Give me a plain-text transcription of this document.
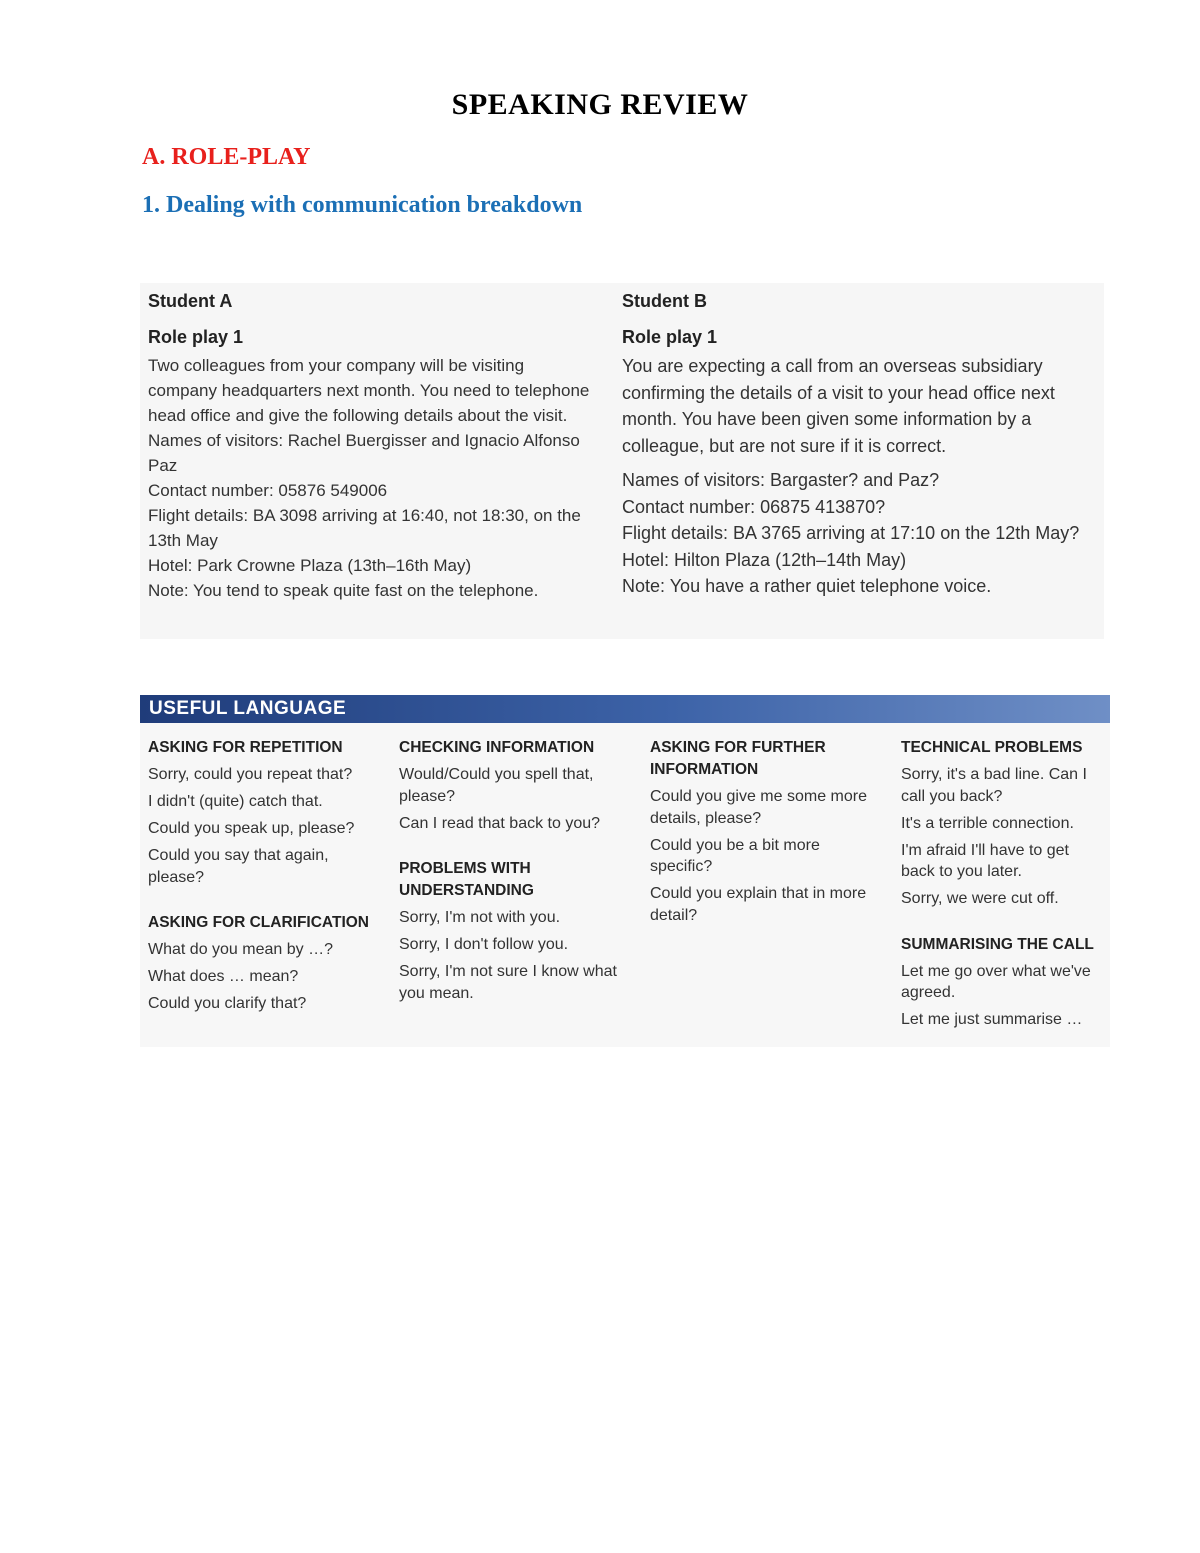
SPEAKING REVIEW
A. ROLE-PLAY
1. Dealing with communication breakdown
Student A
Role play 1

Two colleagues from your company will be visiting company headquarters next month. You need to telephone head office and give the following details about the visit.

Names of visitors: Rachel Buergisser and Ignacio Alfonso Paz
Contact number: 05876 549006
Flight details: BA 3098 arriving at 16:40, not 18:30, on the 13th May
Hotel: Park Crowne Plaza (13th–16th May)
Note: You tend to speak quite fast on the telephone.
Student B
Role play 1

You are expecting a call from an overseas subsidiary confirming the details of a visit to your head office next month. You have been given some information by a colleague, but are not sure if it is correct.

Names of visitors: Bargaster? and Paz?
Contact number: 06875 413870?
Flight details: BA 3765 arriving at 17:10 on the 12th May?
Hotel: Hilton Plaza (12th–14th May)
Note: You have a rather quiet telephone voice.
USEFUL LANGUAGE
ASKING FOR REPETITION
Sorry, could you repeat that?
I didn't (quite) catch that.
Could you speak up, please?
Could you say that again, please?
ASKING FOR CLARIFICATION
What do you mean by …?
What does … mean?
Could you clarify that?
CHECKING INFORMATION
Would/Could you spell that, please?
Can I read that back to you?
PROBLEMS WITH UNDERSTANDING
Sorry, I'm not with you.
Sorry, I don't follow you.
Sorry, I'm not sure I know what you mean.
ASKING FOR FURTHER INFORMATION
Could you give me some more details, please?
Could you be a bit more specific?
Could you explain that in more detail?
TECHNICAL PROBLEMS
Sorry, it's a bad line. Can I call you back?
It's a terrible connection.
I'm afraid I'll have to get back to you later.
Sorry, we were cut off.
SUMMARISING THE CALL
Let me go over what we've agreed.
Let me just summarise …
